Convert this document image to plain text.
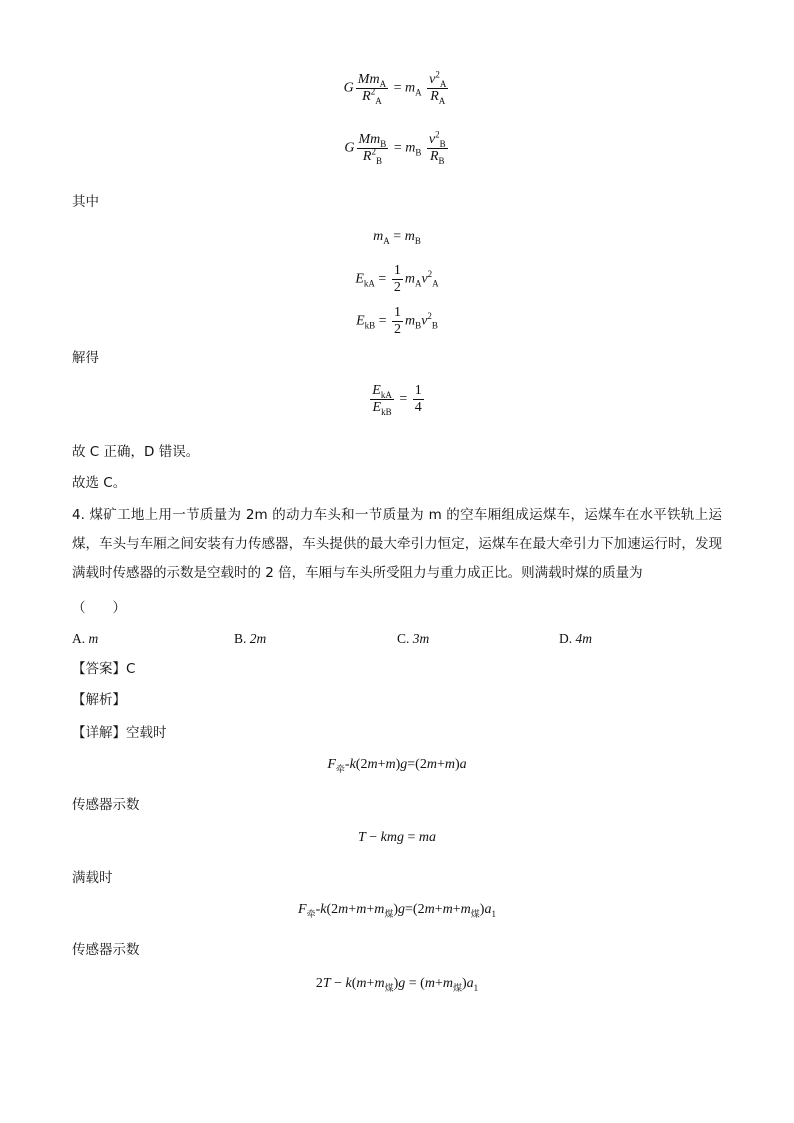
G $\frac{Mm_A}{R^2_A} = m_A \frac{v^2_A}{R_A}$
G $\frac{Mm_B}{R^2_B} = m_B \frac{v^2_B}{R_B}$
其中
$m_A = m_B$
$E_{kA} = \frac{1}{2} m_Av^2_A$
$E_{kB} = \frac{1}{2} m_Bv^2_B$
解得
$\frac{E_{kA}}{E_{kB}} = \frac{1}{4}$
故 C 正确，D 错误。
故选 C。
4. 煤矿工地上用一节质量为 2m 的动力车头和一节质量为 m 的空车厢组成运煤车，运煤车在水平铁轨上运煤，车头与车厢之间安装有力传感器，车头提供的最大牵引力恒定，运煤车在最大牵引力下加速运行时，发现满载时传感器的示数是空载时的 2 倍，车厢与车头所受阻力与重力成正比。则满载时煤的质量为
（　　）
A. m	B. 2m	C. 3m	D. 4m
【答案】C
【解析】
【详解】空载时
$F_牵-k(2m+m)g=(2m+m)a$
传感器示数
T − kmg = ma
满载时
$F_牵-k(2m+m+m_煤)g=(2m+m+m_煤)a_1$
传感器示数
$2T - k(m+m_煤)g = (m+m_煤)a_1$
